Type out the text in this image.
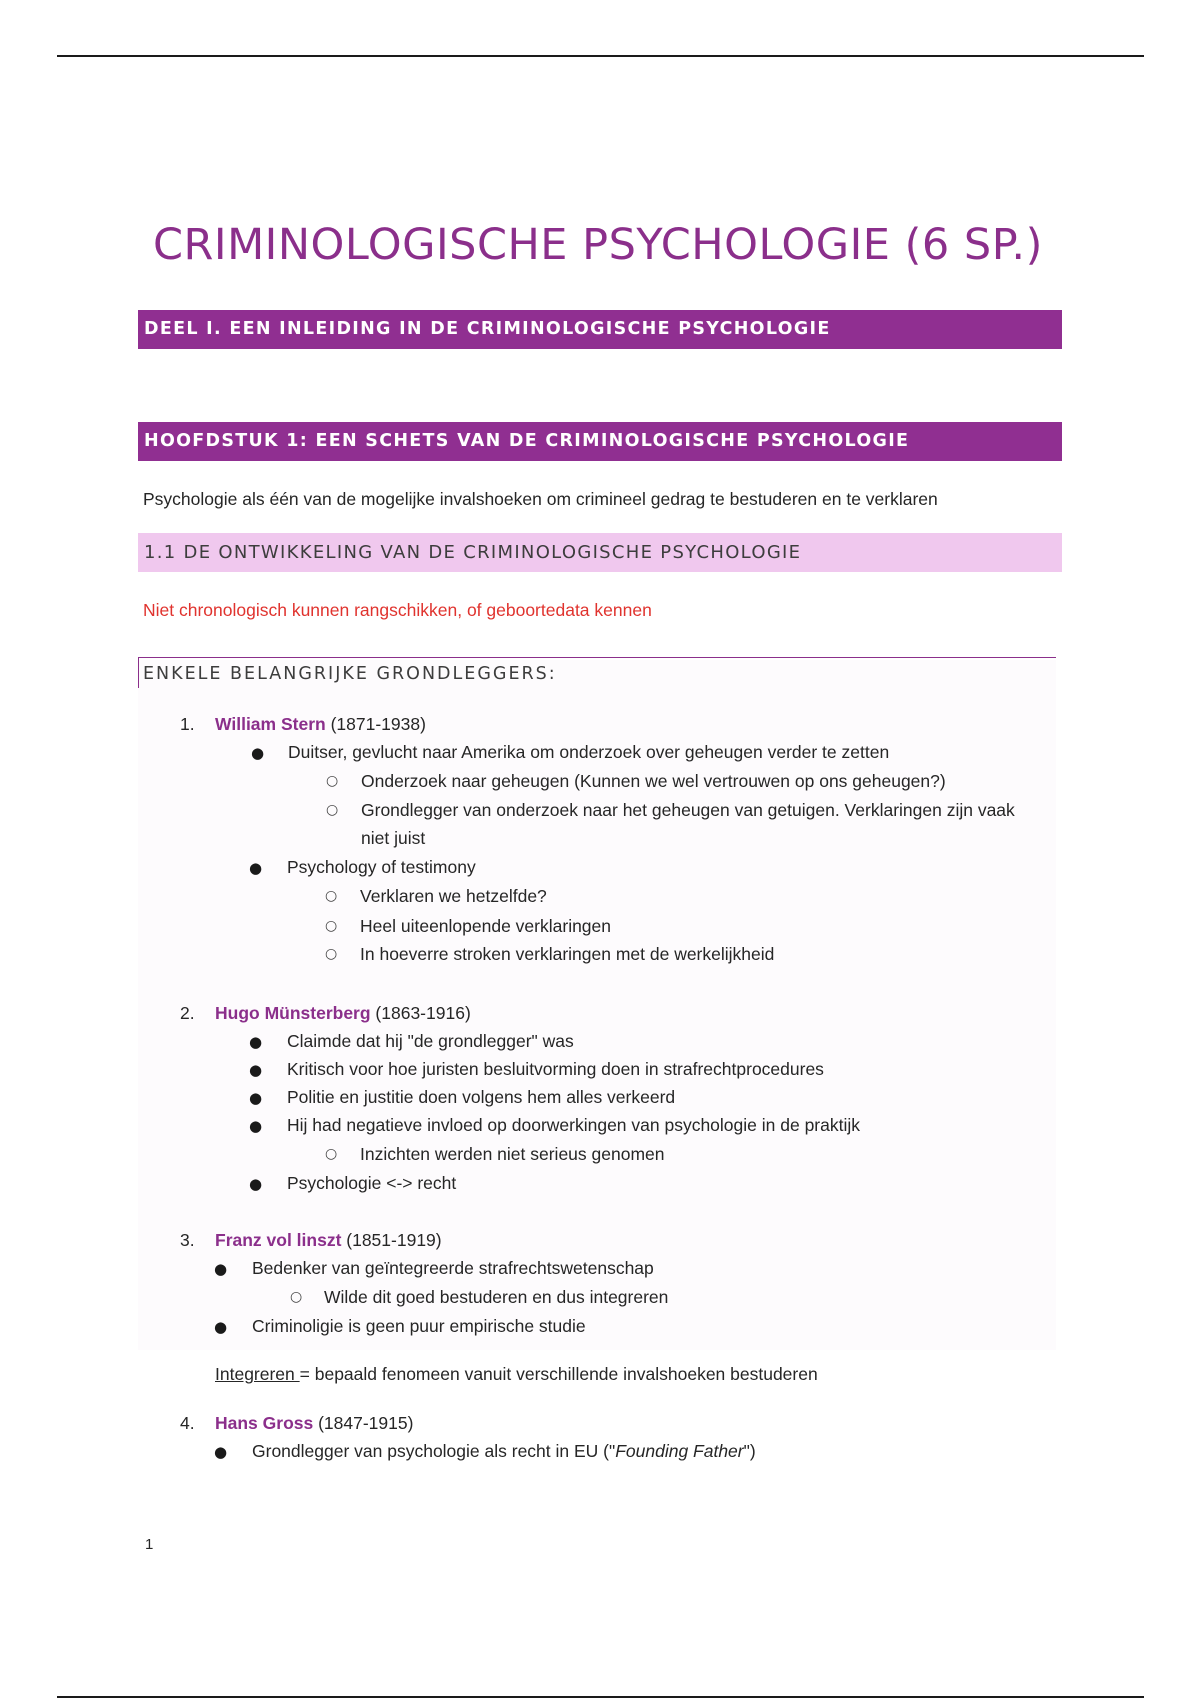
CRIMINOLOGISCHE PSYCHOLOGIE (6 SP.)
DEEL I. EEN INLEIDING IN DE CRIMINOLOGISCHE PSYCHOLOGIE
HOOFDSTUK 1: EEN SCHETS VAN DE CRIMINOLOGISCHE PSYCHOLOGIE
Psychologie als één van de mogelijke invalshoeken om crimineel gedrag te bestuderen en te verklaren
1.1 DE ONTWIKKELING VAN DE CRIMINOLOGISCHE PSYCHOLOGIE
Niet chronologisch kunnen rangschikken, of geboortedata kennen
ENKELE BELANGRIJKE GRONDLEGGERS:
1. William Stern (1871-1938)
● Duitser, gevlucht naar Amerika om onderzoek over geheugen verder te zetten
○ Onderzoek naar geheugen (Kunnen we wel vertrouwen op ons geheugen?)
○ Grondlegger van onderzoek naar het geheugen van getuigen. Verklaringen zijn vaak
niet juist
● Psychology of testimony
○ Verklaren we hetzelfde?
○ Heel uiteenlopende verklaringen
○ In hoeverre stroken verklaringen met de werkelijkheid
2. Hugo Münsterberg (1863-1916)
● Claimde dat hij "de grondlegger" was
● Kritisch voor hoe juristen besluitvorming doen in strafrechtprocedures
● Politie en justitie doen volgens hem alles verkeerd
● Hij had negatieve invloed op doorwerkingen van psychologie in de praktijk
○ Inzichten werden niet serieus genomen
● Psychologie <-> recht
3. Franz vol linszt (1851-1919)
● Bedenker van geïntegreerde strafrechtswetenschap
○ Wilde dit goed bestuderen en dus integreren
● Criminoligie is geen puur empirische studie
Integreren = bepaald fenomeen vanuit verschillende invalshoeken bestuderen
4. Hans Gross (1847-1915)
● Grondlegger van psychologie als recht in EU ("Founding Father")
1
